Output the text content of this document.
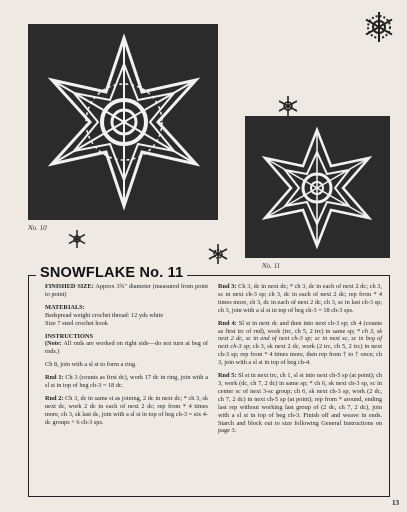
No. 10
No. 11
SNOWFLAKE No. 11

FINISHED SIZE: Approx 3¾" diameter (measured from point to point)

MATERIALS:
Bedspread weight crochet thread: 12 yds white
Size 7 steel crochet hook

INSTRUCTIONS
(Note: All rnds are worked on right side—do not turn at beg of rnds.)

Ch 8, join with a sl st to form a ring.

Rnd 1: Ch 3 (counts as first dc), work 17 dc in ring, join with a sl st in top of beg ch-3 = 18 dc.

Rnd 2: Ch 3, dc in same st as joining, 2 dc in next dc; * ch 3, sk next dc, work 2 dc in each of next 2 dc; rep from * 4 times more, ch 3, sk last dc, join with a sl st in top of beg ch-3 = six 4-dc groups + 6 ch-3 sps.

Rnd 3: Ch 3, dc in next dc; * ch 3, dc in each of next 2 dc; ch 3, sc in next ch-3 sp; ch 3, dc in each of next 2 dc; rep from * 4 times more, ch 3, dc in each of next 2 dc, ch 3, sc in last ch-3 sp; ch 3, join with a sl st in top of beg ch-3 = 18 ch-3 sps.

Rnd 4: Sl st in next dc and then into next ch-3 sp; ch 4 (counts as first trc of rnd), work (trc, ch 5, 2 trc) in same sp; * ch 3, sk next 2 dc, sc in end of next ch-3 sp; sc in next sc, sc in beg of next ch-3 sp; ch 3, sk next 2 dc, work (2 trc, ch 5, 2 trc) in next ch-3 sp; rep from * 4 times more, then rep from † to † once; ch 3, join with a sl st in top of beg ch-4.

Rnd 5: Sl st in next trc, ch 1, sl st into next ch-5 sp (at point); ch 3, work (dc, ch 7, 2 dc) in same sp; * ch 6, sk next ch-3 sp, sc in center sc of next 3-sc group; ch 6, sk next ch-3 sp, work (2 dc, ch 7, 2 dc) in next ch-5 sp (at point); rep from * around, ending last rep without working last group of (2 dc, ch 7, 2 dc), join with a sl st in top of beg ch-3. Finish off and weave in ends. Starch and block out to size following General Instructions on page 3.

13
